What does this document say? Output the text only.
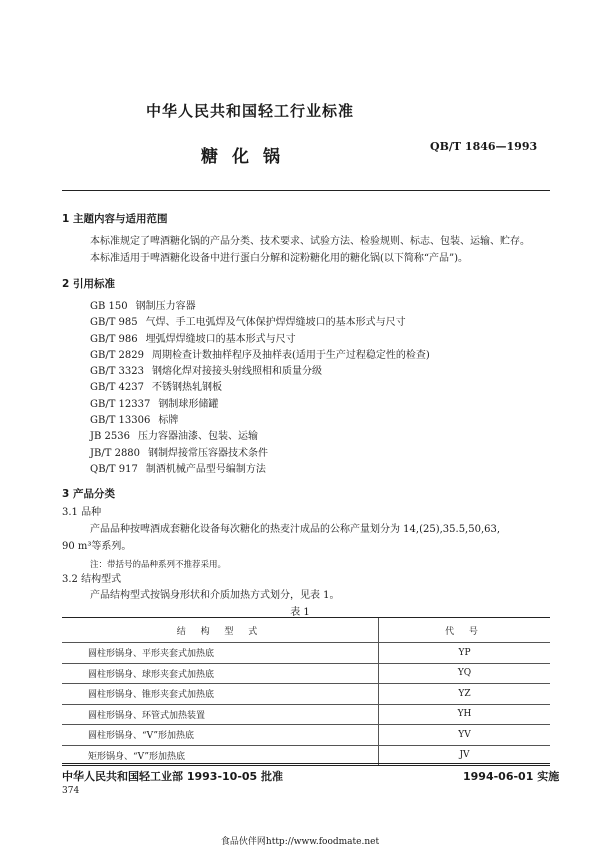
中华人民共和国轻工行业标准
糖化锅
QB/T 1846—1993
1 主题内容与适用范围
本标准规定了啤酒糖化锅的产品分类、技术要求、试验方法、检验规则、标志、包装、运输、贮存。
本标准适用于啤酒糖化设备中进行蛋白分解和淀粉糖化用的糖化锅(以下简称“产品”)。
2 引用标准
GB 150 钢制压力容器
GB/T 985 气焊、手工电弧焊及气体保护焊焊缝坡口的基本形式与尺寸
GB/T 986 埋弧焊焊缝坡口的基本形式与尺寸
GB/T 2829 周期检查计数抽样程序及抽样表(适用于生产过程稳定性的检查)
GB/T 3323 钢熔化焊对接接头射线照相和质量分级
GB/T 4237 不锈钢热轧钢板
GB/T 12337 钢制球形储罐
GB/T 13306 标牌
JB 2536 压力容器油漆、包装、运输
JB/T 2880 钢制焊接常压容器技术条件
QB/T 917 制酒机械产品型号编制方法
3 产品分类
3.1 品种
产品品种按啤酒成套糖化设备每次糖化的热麦汁成品的公称产量划分为 14,(25),35.5,50,63,
90 m³等系列。
注：带括号的品种系列不推荐采用。
3.2 结构型式
产品结构型式按锅身形状和介质加热方式划分，见表 1。
表 1
结 构 型 式	代 号
圆柱形锅身、平形夹套式加热底	YP
圆柱形锅身、球形夹套式加热底	YQ
圆柱形锅身、锥形夹套式加热底	YZ
圆柱形锅身、环管式加热装置	YH
圆柱形锅身、“V”形加热底	YV
矩形锅身、“V”形加热底	JV
中华人民共和国轻工业部 1993-10-05 批准	1994-06-01 实施
374
食品伙伴网http://www.foodmate.net
